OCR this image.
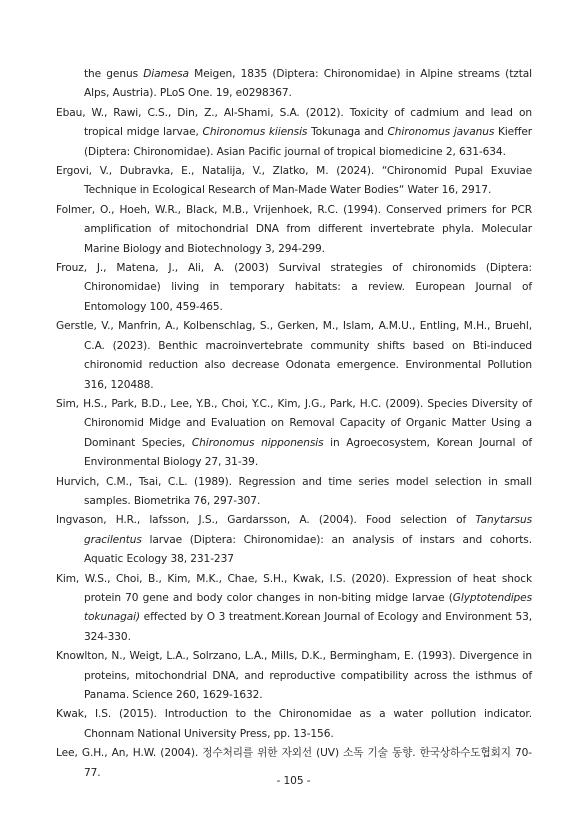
the genus Diamesa Meigen, 1835 (Diptera: Chironomidae) in Alpine streams (tztal Alps, Austria). PLoS One. 19, e0298367.

Ebau, W., Rawi, C.S., Din, Z., Al-Shami, S.A. (2012). Toxicity of cadmium and lead on tropical midge larvae, Chironomus kiiensis Tokunaga and Chironomus javanus Kieffer (Diptera: Chironomidae). Asian Pacific journal of tropical biomedicine 2, 631-634.

Ergovi, V., Dubravka, E., Natalija, V., Zlatko, M. (2024). “Chironomid Pupal Exuviae Technique in Ecological Research of Man-Made Water Bodies“ Water 16, 2917.

Folmer, O., Hoeh, W.R., Black, M.B., Vrijenhoek, R.C. (1994). Conserved primers for PCR amplification of mitochondrial DNA from different invertebrate phyla. Molecular Marine Biology and Biotechnology 3, 294-299.

Frouz, J., Matena, J., Ali, A. (2003) Survival strategies of chironomids (Diptera: Chironomidae) living in temporary habitats: a review. European Journal of Entomology 100, 459-465.

Gerstle, V., Manfrin, A., Kolbenschlag, S., Gerken, M., Islam, A.M.U., Entling, M.H., Bruehl, C.A. (2023). Benthic macroinvertebrate community shifts based on Bti-induced chironomid reduction also decrease Odonata emergence. Environmental Pollution 316, 120488.

Sim, H.S., Park, B.D., Lee, Y.B., Choi, Y.C., Kim, J.G., Park, H.C. (2009). Species Diversity of Chironomid Midge and Evaluation on Removal Capacity of Organic Matter Using a Dominant Species, Chironomus nipponensis in Agroecosystem, Korean Journal of Environmental Biology 27, 31-39.

Hurvich, C.M., Tsai, C.L. (1989). Regression and time series model selection in small samples. Biometrika 76, 297-307.

Ingvason, H.R., lafsson, J.S., Gardarsson, A. (2004). Food selection of Tanytarsus gracilentus larvae (Diptera: Chironomidae): an analysis of instars and cohorts. Aquatic Ecology 38, 231-237

Kim, W.S., Choi, B., Kim, M.K., Chae, S.H., Kwak, I.S. (2020). Expression of heat shock protein 70 gene and body color changes in non-biting midge larvae (Glyptotendipes tokunagai) effected by O 3 treatment.Korean Journal of Ecology and Environment 53, 324-330.

Knowlton, N., Weigt, L.A., Solrzano, L.A., Mills, D.K., Bermingham, E. (1993). Divergence in proteins, mitochondrial DNA, and reproductive compatibility across the isthmus of Panama. Science 260, 1629-1632.

Kwak, I.S. (2015). Introduction to the Chironomidae as a water pollution indicator. Chonnam National University Press, pp. 13-156.

Lee, G.H., An, H.W. (2004). 정수처리를 위한 자외선 (UV) 소독 기술 동향. 한국상하수도협회지 70-77.

- 105 -
